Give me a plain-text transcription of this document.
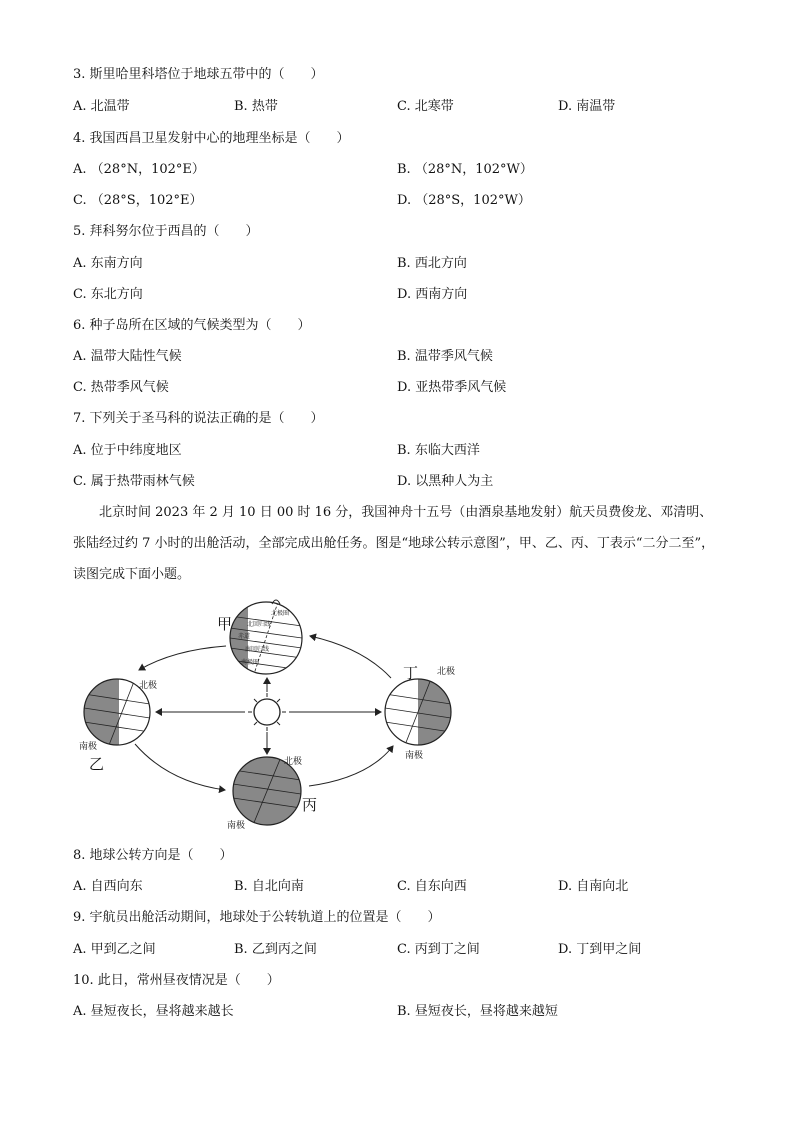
3. 斯里哈里科塔位于地球五带中的（　　）
A. 北温带	B. 热带	C. 北寒带	D. 南温带
4. 我国西昌卫星发射中心的地理坐标是（　　）
A. （28°N，102°E）	B. （28°N，102°W）
C. （28°S，102°E）	D. （28°S，102°W）
5. 拜科努尔位于西昌的（　　）
A. 东南方向	B. 西北方向
C. 东北方向	D. 西南方向
6. 种子岛所在区域的气候类型为（　　）
A. 温带大陆性气候	B. 温带季风气候
C. 热带季风气候	D. 亚热带季风气候
7. 下列关于圣马科的说法正确的是（　　）
A. 位于中纬度地区	B. 东临大西洋
C. 属于热带雨林气候	D. 以黑种人为主

北京时间 2023 年 2 月 10 日 00 时 16 分，我国神舟十五号（由酒泉基地发射）航天员费俊龙、邓清明、张陆经过约 7 小时的出舱活动，全部完成出舱任务。图是“地球公转示意图”，甲、乙、丙、丁表示“二分二至”，读图完成下面小题。

北极圈
北回归线
赤道
南回归线
南极圈
甲
北极
南极
乙
北极
南极
丁
北极
南极
丙
8. 地球公转方向是（　　）
A. 自西向东	B. 自北向南	C. 自东向西	D. 自南向北
9. 宇航员出舱活动期间，地球处于公转轨道上的位置是（　　）
A. 甲到乙之间	B. 乙到丙之间	C. 丙到丁之间	D. 丁到甲之间
10. 此日，常州昼夜情况是（　　）
A. 昼短夜长，昼将越来越长	B. 昼短夜长，昼将越来越短
